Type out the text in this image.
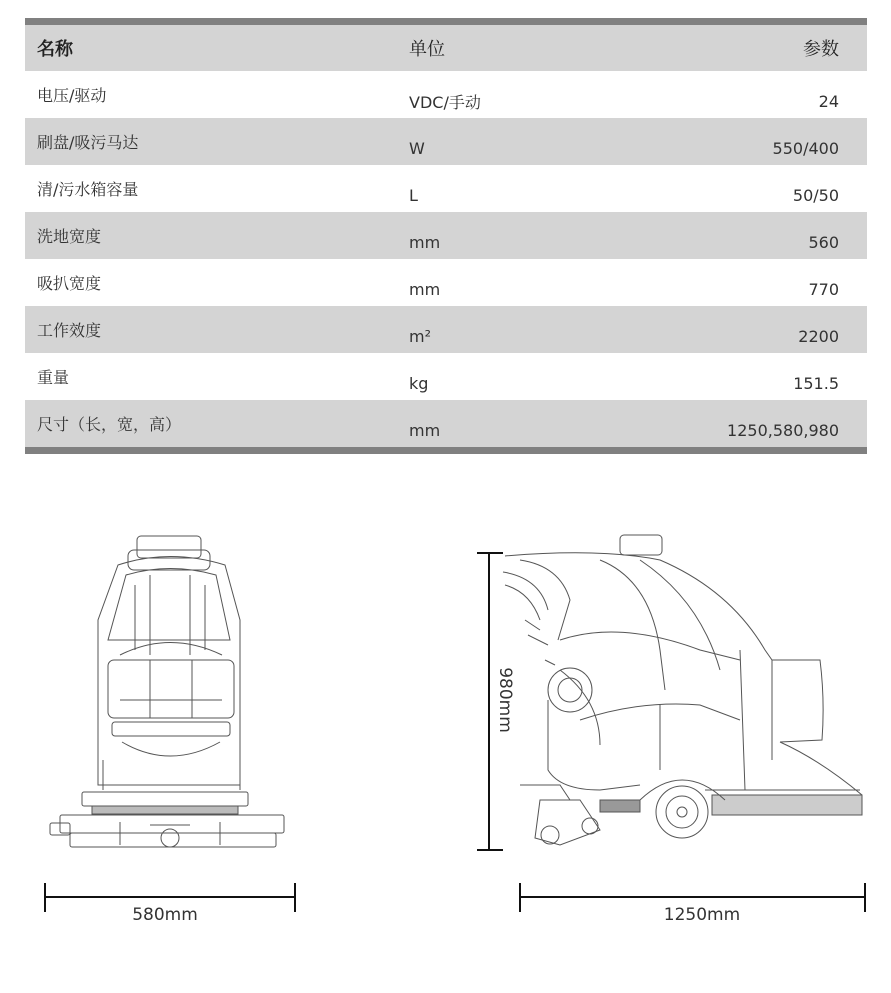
名称	单位	参数
电压/驱动	VDC/手动	24
刷盘/吸污马达	W	550/400
清/污水箱容量	L	50/50
洗地宽度	mm	560
吸扒宽度	mm	770
工作效度	m²	2200
重量	kg	151.5
尺寸（长，宽，高）	mm	1250,580,980
580mm
980mm
1250mm
